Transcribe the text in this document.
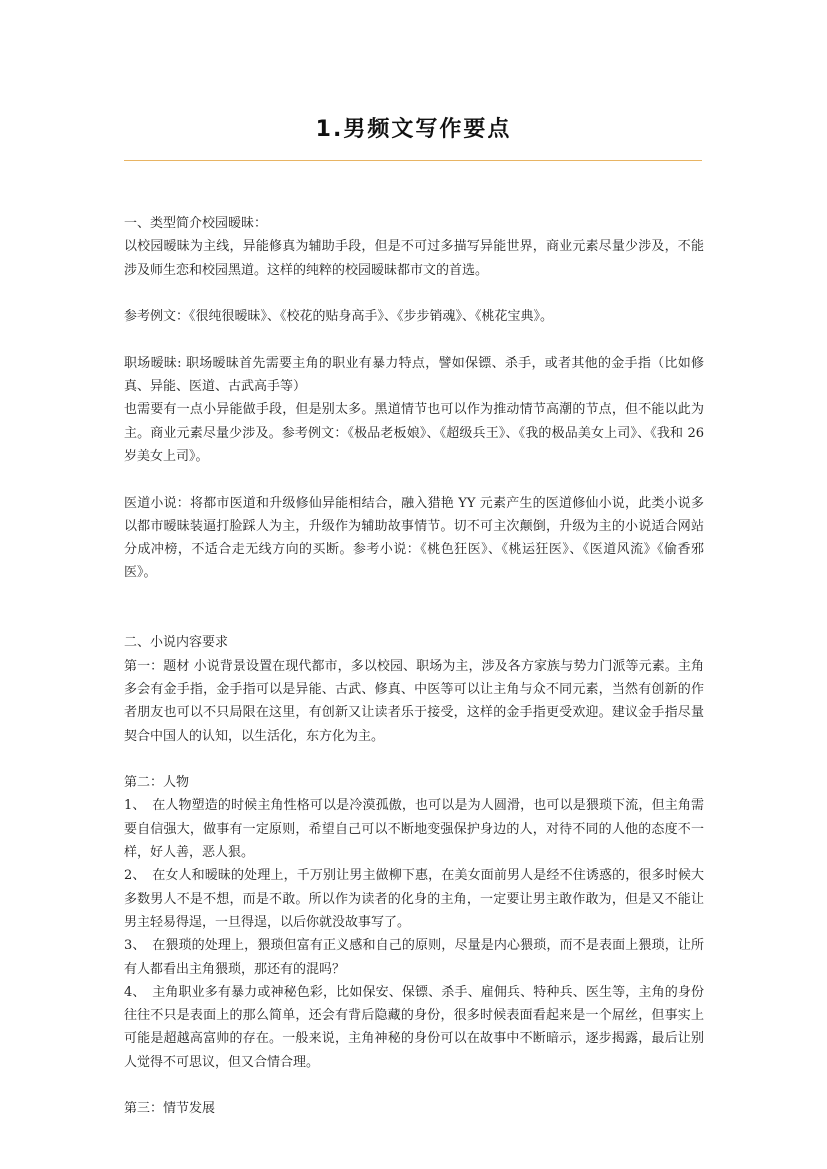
1.男频文写作要点

一、类型简介校园暧昧：

以校园暧昧为主线，异能修真为辅助手段，但是不可过多描写异能世界，商业元素尽量少涉及，不能涉及师生恋和校园黑道。这样的纯粹的校园暧昧都市文的首选。

参考例文：《很纯很暧昧》、《校花的贴身高手》、《步步销魂》、《桃花宝典》。

职场暧昧: 职场暧昧首先需要主角的职业有暴力特点，譬如保镖、杀手，或者其他的金手指（比如修真、异能、医道、古武高手等）

也需要有一点小异能做手段，但是别太多。黑道情节也可以作为推动情节高潮的节点，但不能以此为主。商业元素尽量少涉及。参考例文：《极品老板娘》、《超级兵王》、《我的极品美女上司》、《我和 26 岁美女上司》。

医道小说：将都市医道和升级修仙异能相结合，融入猎艳 YY 元素产生的医道修仙小说，此类小说多以都市暧昧装逼打脸踩人为主，升级作为辅助故事情节。切不可主次颠倒，升级为主的小说适合网站分成冲榜，不适合走无线方向的买断。参考小说：《桃色狂医》、《桃运狂医》、《医道风流》《偷香邪医》。

二、小说内容要求

第一：题材 小说背景设置在现代都市，多以校园、职场为主，涉及各方家族与势力门派等元素。主角多会有金手指，金手指可以是异能、古武、修真、中医等可以让主角与众不同元素，当然有创新的作者朋友也可以不只局限在这里，有创新又让读者乐于接受，这样的金手指更受欢迎。建议金手指尽量契合中国人的认知，以生活化，东方化为主。

第二：人物

1、　在人物塑造的时候主角性格可以是冷漠孤傲，也可以是为人圆滑，也可以是猥琐下流，但主角需要自信强大，做事有一定原则，希望自己可以不断地变强保护身边的人，对待不同的人他的态度不一样，好人善，恶人狠。

2、　在女人和暧昧的处理上，千万别让男主做柳下惠，在美女面前男人是经不住诱惑的，很多时候大多数男人不是不想，而是不敢。所以作为读者的化身的主角，一定要让男主敢作敢为，但是又不能让男主轻易得逞，一旦得逞，以后你就没故事写了。

3、　在猥琐的处理上，猥琐但富有正义感和自己的原则，尽量是内心猥琐，而不是表面上猥琐，让所有人都看出主角猥琐，那还有的混吗？

4、　主角职业多有暴力或神秘色彩，比如保安、保镖、杀手、雇佣兵、特种兵、医生等，主角的身份往往不只是表面上的那么简单，还会有背后隐藏的身份，很多时候表面看起来是一个屌丝，但事实上可能是超越高富帅的存在。一般来说，主角神秘的身份可以在故事中不断暗示，逐步揭露，最后让别人觉得不可思议，但又合情合理。

第三：情节发展
